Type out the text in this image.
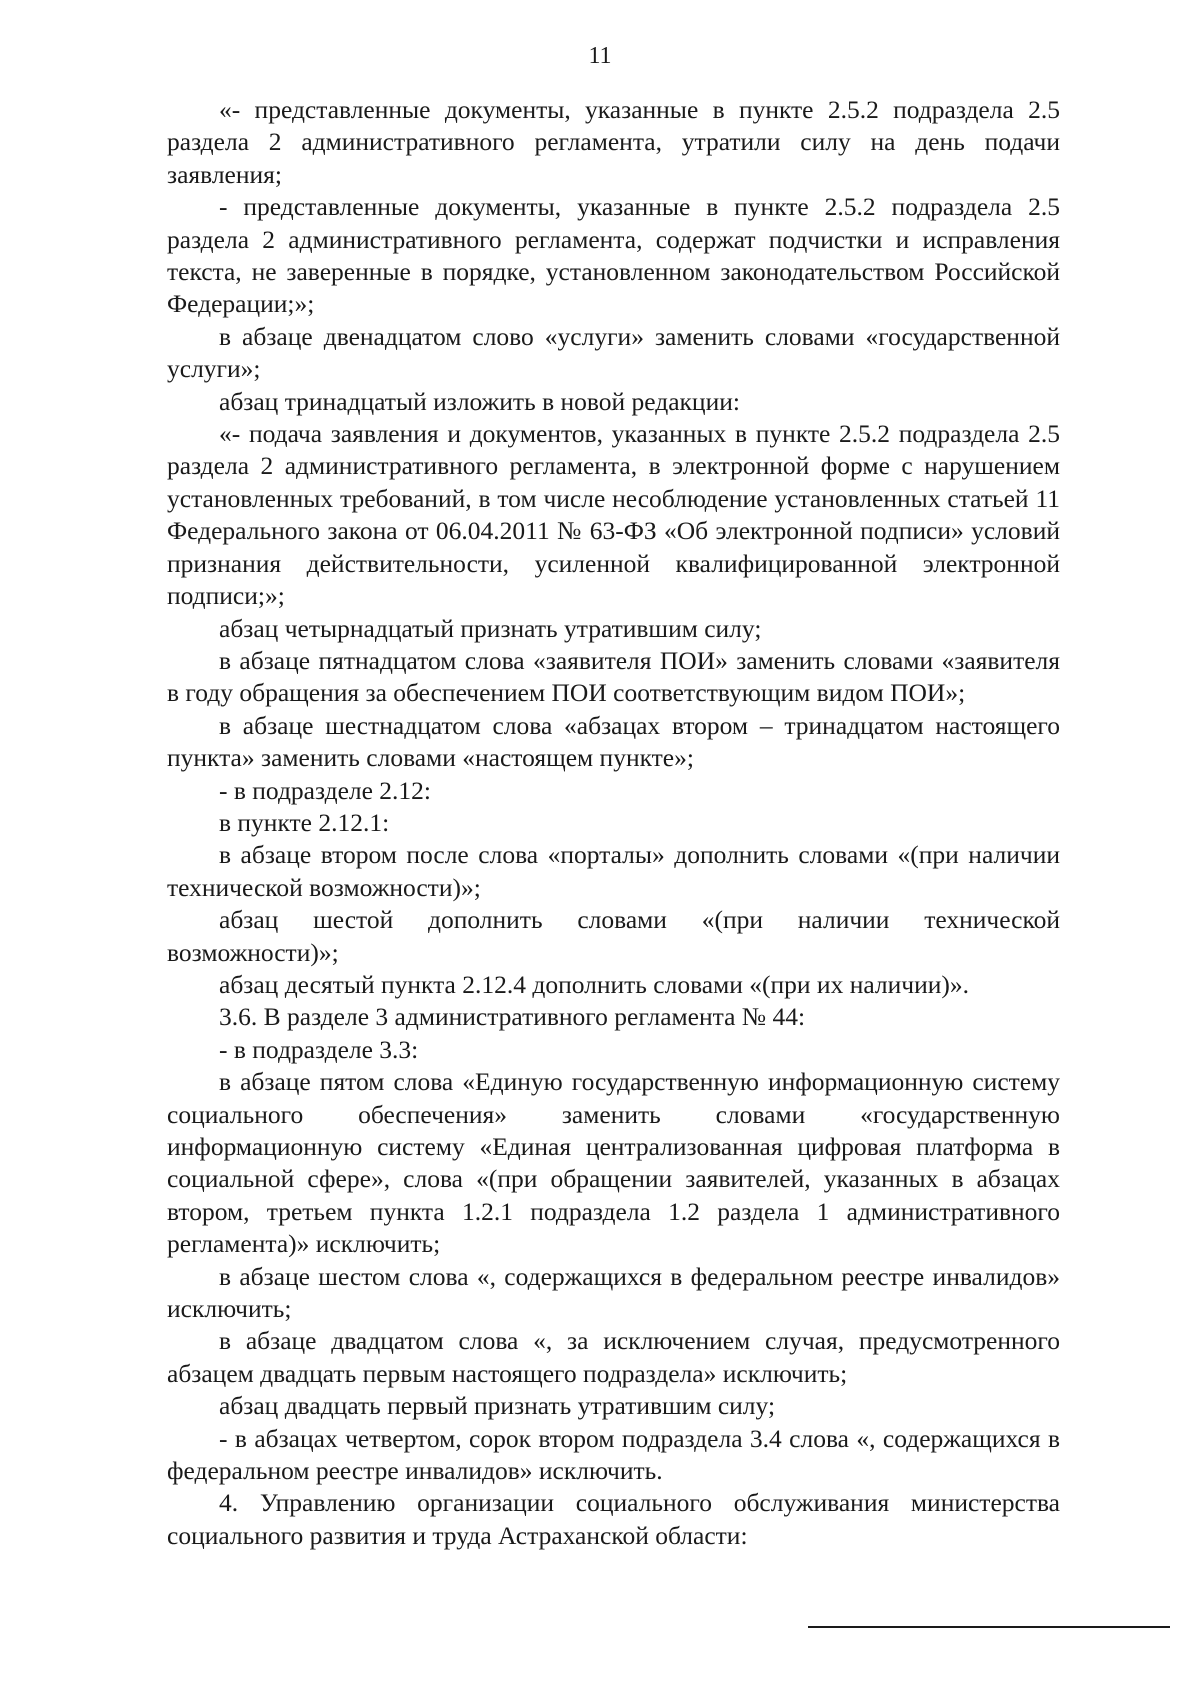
11

«- представленные документы, указанные в пункте 2.5.2 подраздела 2.5 раздела 2 административного регламента, утратили силу на день подачи заявления;

- представленные документы, указанные в пункте 2.5.2 подраздела 2.5 раздела 2 административного регламента, содержат подчистки и исправления текста, не заверенные в порядке, установленном законодательством Российской Федерации;»;

в абзаце двенадцатом слово «услуги» заменить словами «государственной услуги»;

абзац тринадцатый изложить в новой редакции:

«- подача заявления и документов, указанных в пункте 2.5.2 подраздела 2.5 раздела 2 административного регламента, в электронной форме с нарушением установленных требований, в том числе несоблюдение установленных статьей 11 Федерального закона от 06.04.2011 № 63-ФЗ «Об электронной подписи» условий признания действительности, усиленной квалифицированной электронной подписи;»;

абзац четырнадцатый признать утратившим силу;

в абзаце пятнадцатом слова «заявителя ПОИ» заменить словами «заявителя в году обращения за обеспечением ПОИ соответствующим видом ПОИ»;

в абзаце шестнадцатом слова «абзацах втором – тринадцатом настоящего пункта» заменить словами «настоящем пункте»;

- в подразделе 2.12:

в пункте 2.12.1:

в абзаце втором после слова «порталы» дополнить словами «(при наличии технической возможности)»;

абзац шестой дополнить словами «(при наличии технической возможности)»;

абзац десятый пункта 2.12.4 дополнить словами «(при их наличии)».

3.6. В разделе 3 административного регламента № 44:

- в подразделе 3.3:

в абзаце пятом слова «Единую государственную информационную систему социального обеспечения» заменить словами «государственную информационную систему «Единая централизованная цифровая платформа в социальной сфере», слова «(при обращении заявителей, указанных в абзацах втором, третьем пункта 1.2.1 подраздела 1.2 раздела 1 административного регламента)» исключить;

в абзаце шестом слова «, содержащихся в федеральном реестре инвалидов» исключить;

в абзаце двадцатом слова «, за исключением случая, предусмотренного абзацем двадцать первым настоящего подраздела» исключить;

абзац двадцать первый признать утратившим силу;

- в абзацах четвертом, сорок втором подраздела 3.4 слова «, содержащихся в федеральном реестре инвалидов» исключить.

4. Управлению организации социального обслуживания министерства социального развития и труда Астраханской области:
